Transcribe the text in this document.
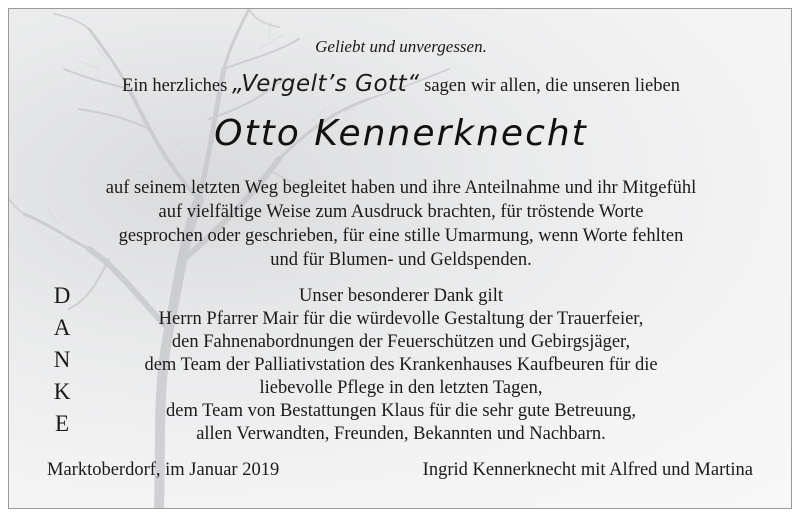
Geliebt und unvergessen.
Ein herzliches „Vergelt’s Gott“ sagen wir allen, die unseren lieben
Otto Kennerknecht
auf seinem letzten Weg begleitet haben und ihre Anteilnahme und ihr Mitgefühl
auf vielfältige Weise zum Ausdruck brachten, für tröstende Worte
gesprochen oder geschrieben, für eine stille Umarmung, wenn Worte fehlten
und für Blumen- und Geldspenden.
D
A
N
K
E
Unser besonderer Dank gilt
Herrn Pfarrer Mair für die würdevolle Gestaltung der Trauerfeier,
den Fahnenabordnungen der Feuerschützen und Gebirgsjäger,
dem Team der Palliativstation des Krankenhauses Kaufbeuren für die
liebevolle Pflege in den letzten Tagen,
dem Team von Bestattungen Klaus für die sehr gute Betreuung,
allen Verwandten, Freunden, Bekannten und Nachbarn.
Marktoberdorf, im Januar 2019	Ingrid Kennerknecht mit Alfred und Martina
